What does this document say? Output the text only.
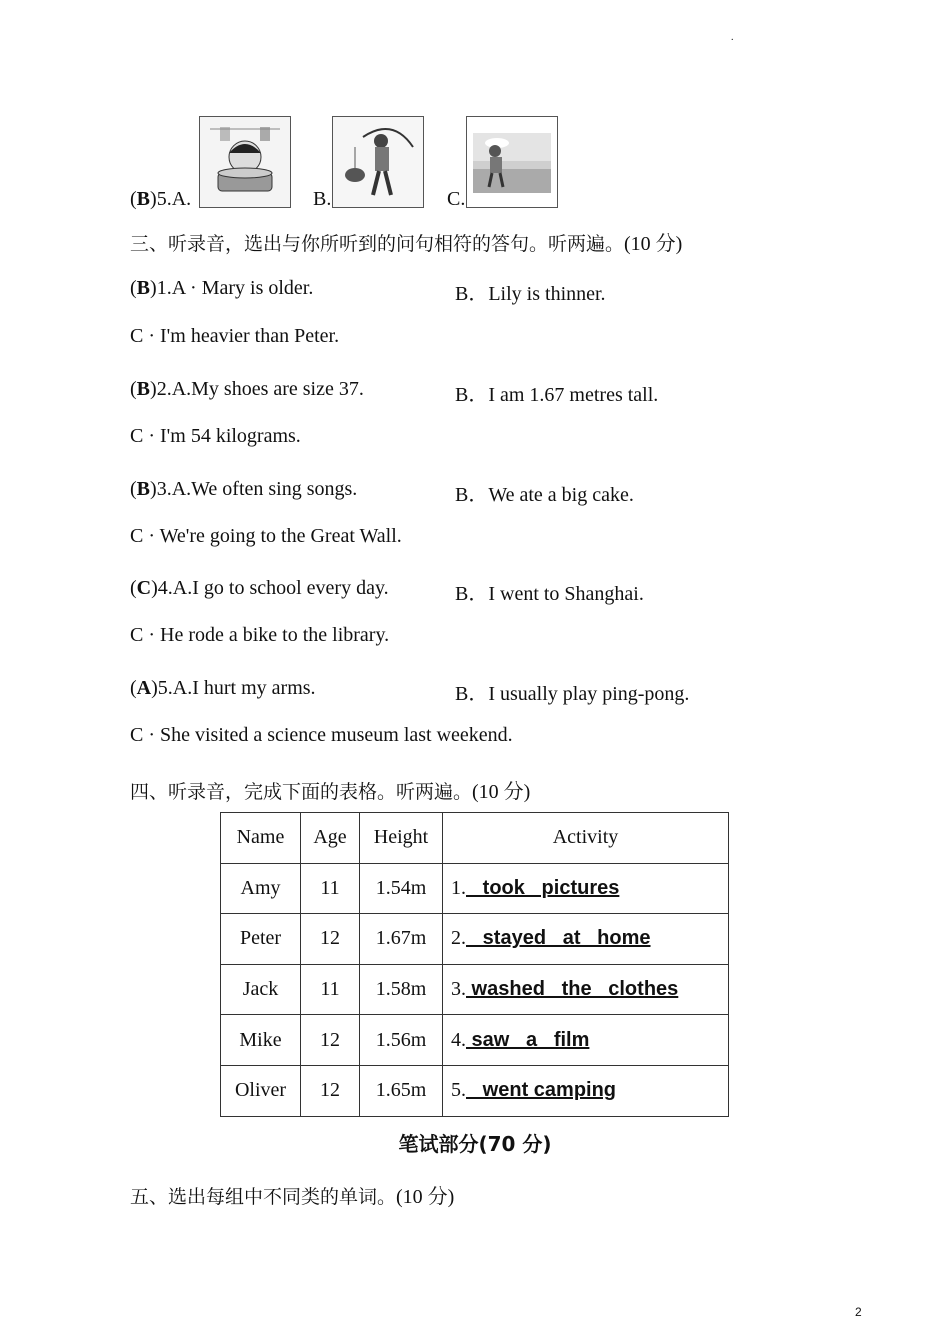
.
(B)5.A.	B.	C.
三、听录音，选出与你所听到的问句相符的答句。听两遍。(10 分)
(B)1.A · Mary is older.	B．Lily is thinner.
C · I'm heavier than Peter.
(B)2.A.My shoes are size 37.	B．I am 1.67 metres tall.
C · I'm 54 kilograms.
(B)3.A.We often sing songs.	B．We ate a big cake.
C · We're going to the Great Wall.
(C)4.A.I go to school every day.	B．I went to Shanghai.
C · He rode a bike to the library.
(A)5.A.I hurt my arms.	B．I usually play ping-pong.
C · She visited a science museum last weekend.
四、听录音，完成下面的表格。听两遍。(10 分)
Name	Age	Height	Activity
Amy	11	1.54m	1.   took   pictures
Peter	12	1.67m	2.   stayed   at   home
Jack	11	1.58m	3. washed   the   clothes
Mike	12	1.56m	4. saw   a   film
Oliver	12	1.65m	5.   went camping
笔试部分(70 分)
五、选出每组中不同类的单词。(10 分)
2
